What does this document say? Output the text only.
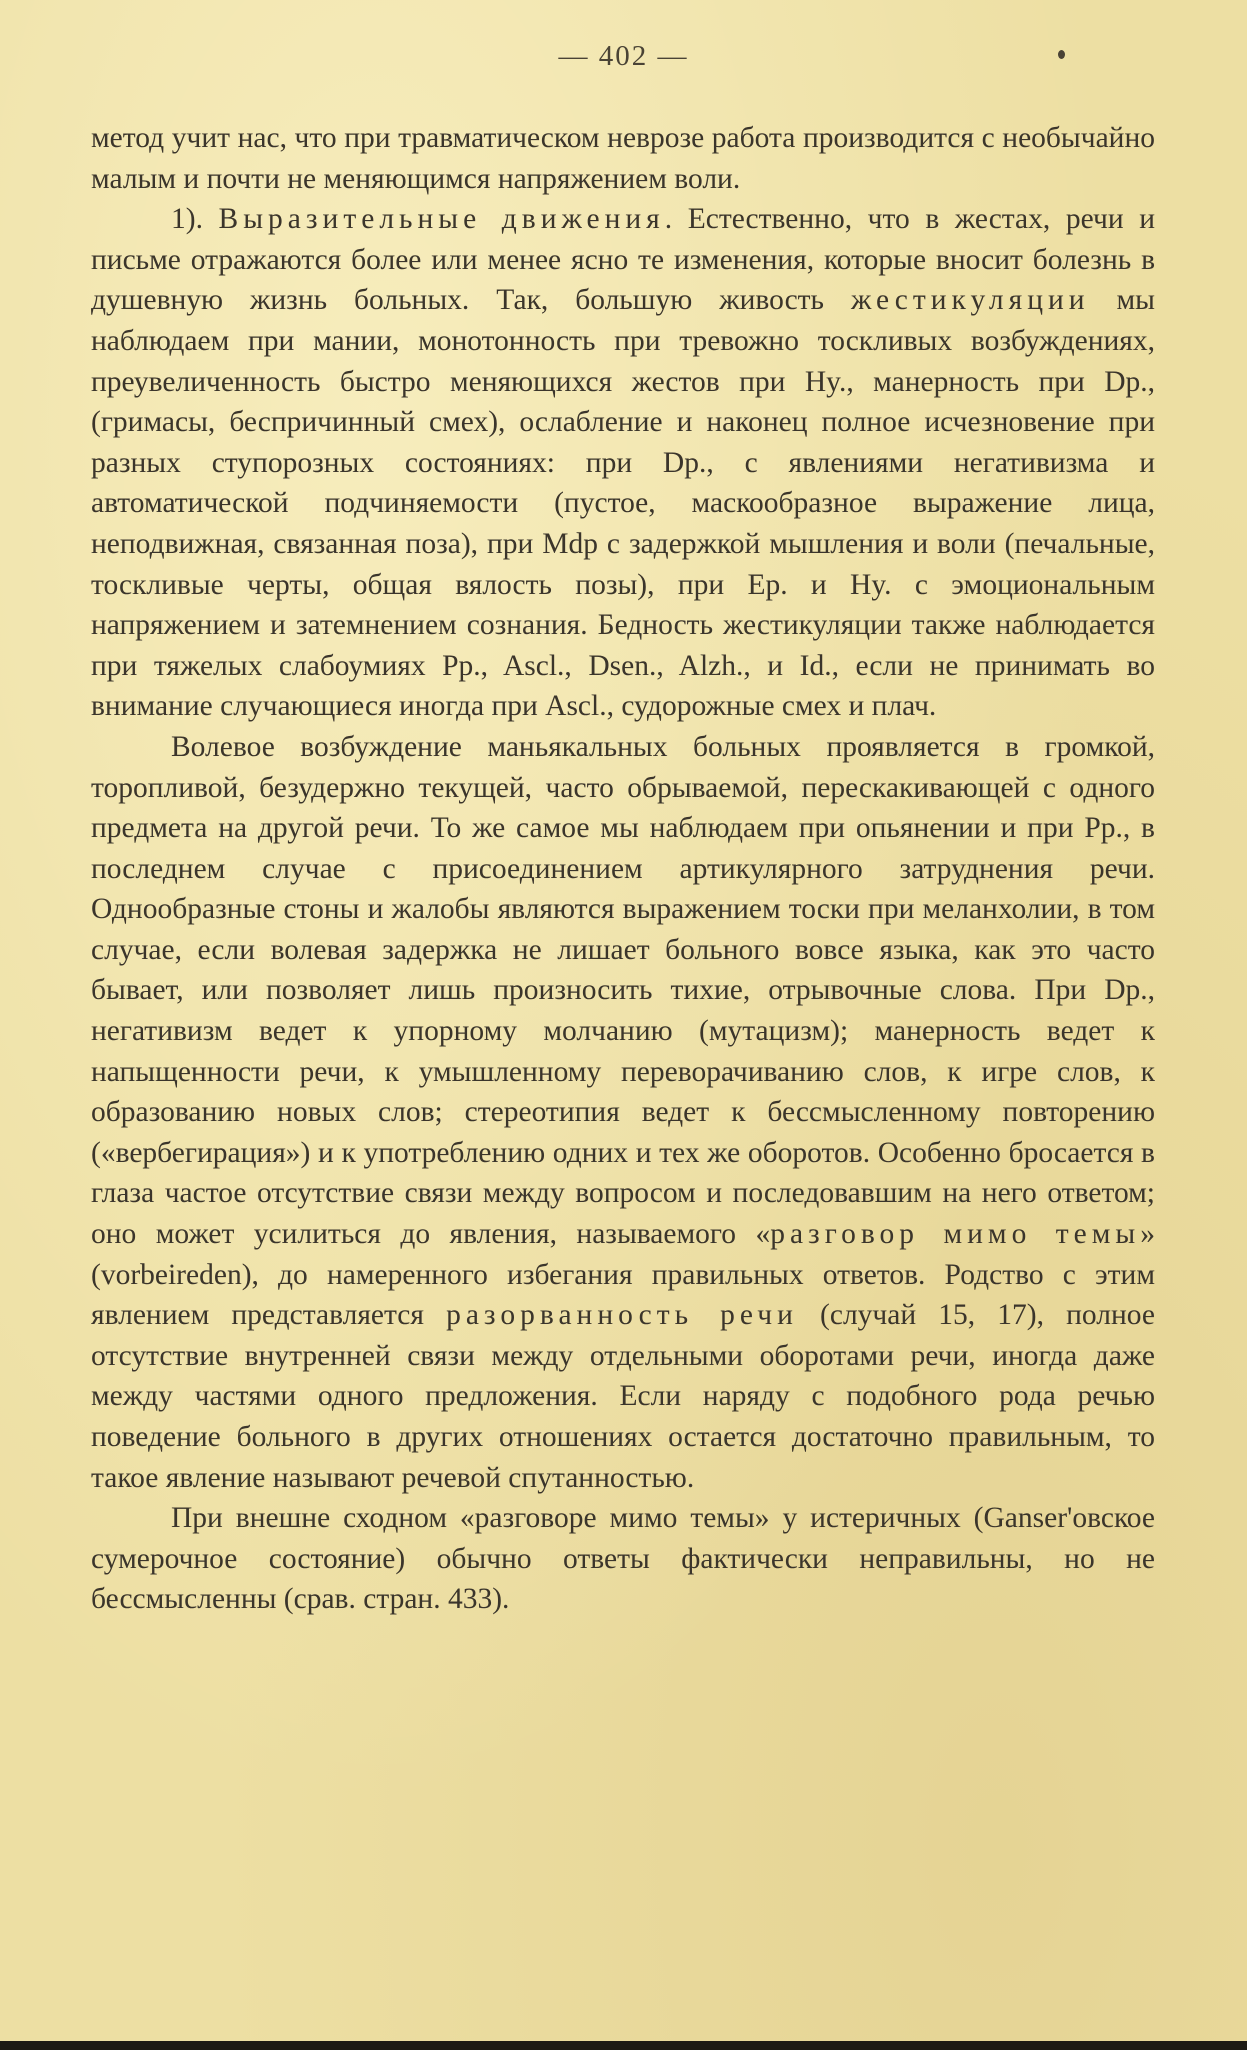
— 402 —

метод учит нас, что при травматическом неврозе работа производится с необычайно малым и почти не меняющимся напряжением воли.

1). Выразительные движения. Естественно, что в жестах, речи и письме отражаются более или менее ясно те изменения, которые вносит болезнь в душевную жизнь больных. Так, большую живость жестикуляции мы наблюдаем при мании, монотонность при тревожно тоскливых возбуждениях, преувеличенность быстро меняющихся жестов при Hy., манерность при Dp., (гримасы, беспричинный смех), ослабление и наконец полное исчезновение при разных ступорозных состояниях: при Dp., с явлениями негативизма и автоматической подчиняемости (пустое, маскообразное выражение лица, неподвижная, связанная поза), при Mdp с задержкой мышления и воли (печальные, тоскливые черты, общая вялость позы), при Ep. и Hy. с эмоциональным напряжением и затемнением сознания. Бедность жестикуляции также наблюдается при тяжелых слабоумиях Pp., Ascl., Dsen., Alzh., и Id., если не принимать во внимание случающиеся иногда при Ascl., судорожные смех и плач.

Волевое возбуждение маньякальных больных проявляется в громкой, торопливой, безудержно текущей, часто обрываемой, перескакивающей с одного предмета на другой речи. То же самое мы наблюдаем при опьянении и при Pp., в последнем случае с присоединением артикулярного затруднения речи. Однообразные стоны и жалобы являются выражением тоски при меланхолии, в том случае, если волевая задержка не лишает больного вовсе языка, как это часто бывает, или позволяет лишь произносить тихие, отрывочные слова. При Dp., негативизм ведет к упорному молчанию (мутацизм); манерность ведет к напыщенности речи, к умышленному переворачиванию слов, к игре слов, к образованию новых слов; стереотипия ведет к бессмысленному повторению («вербегирация») и к употреблению одних и тех же оборотов. Особенно бросается в глаза частое отсутствие связи между вопросом и последовавшим на него ответом; оно может усилиться до явления, называемого «разговор мимо темы» (vorbeireden), до намеренного избегания правильных ответов. Родство с этим явлением представляется разорванность речи (случай 15, 17), полное отсутствие внутренней связи между отдельными оборотами речи, иногда даже между частями одного предложения. Если наряду с подобного рода речью поведение больного в других отношениях остается достаточно правильным, то такое явление называют речевой спутанностью.

При внешне сходном «разговоре мимо темы» у истеричных (Ganser'овское сумерочное состояние) обычно ответы фактически неправильны, но не бессмысленны (срав. стран. 433).
